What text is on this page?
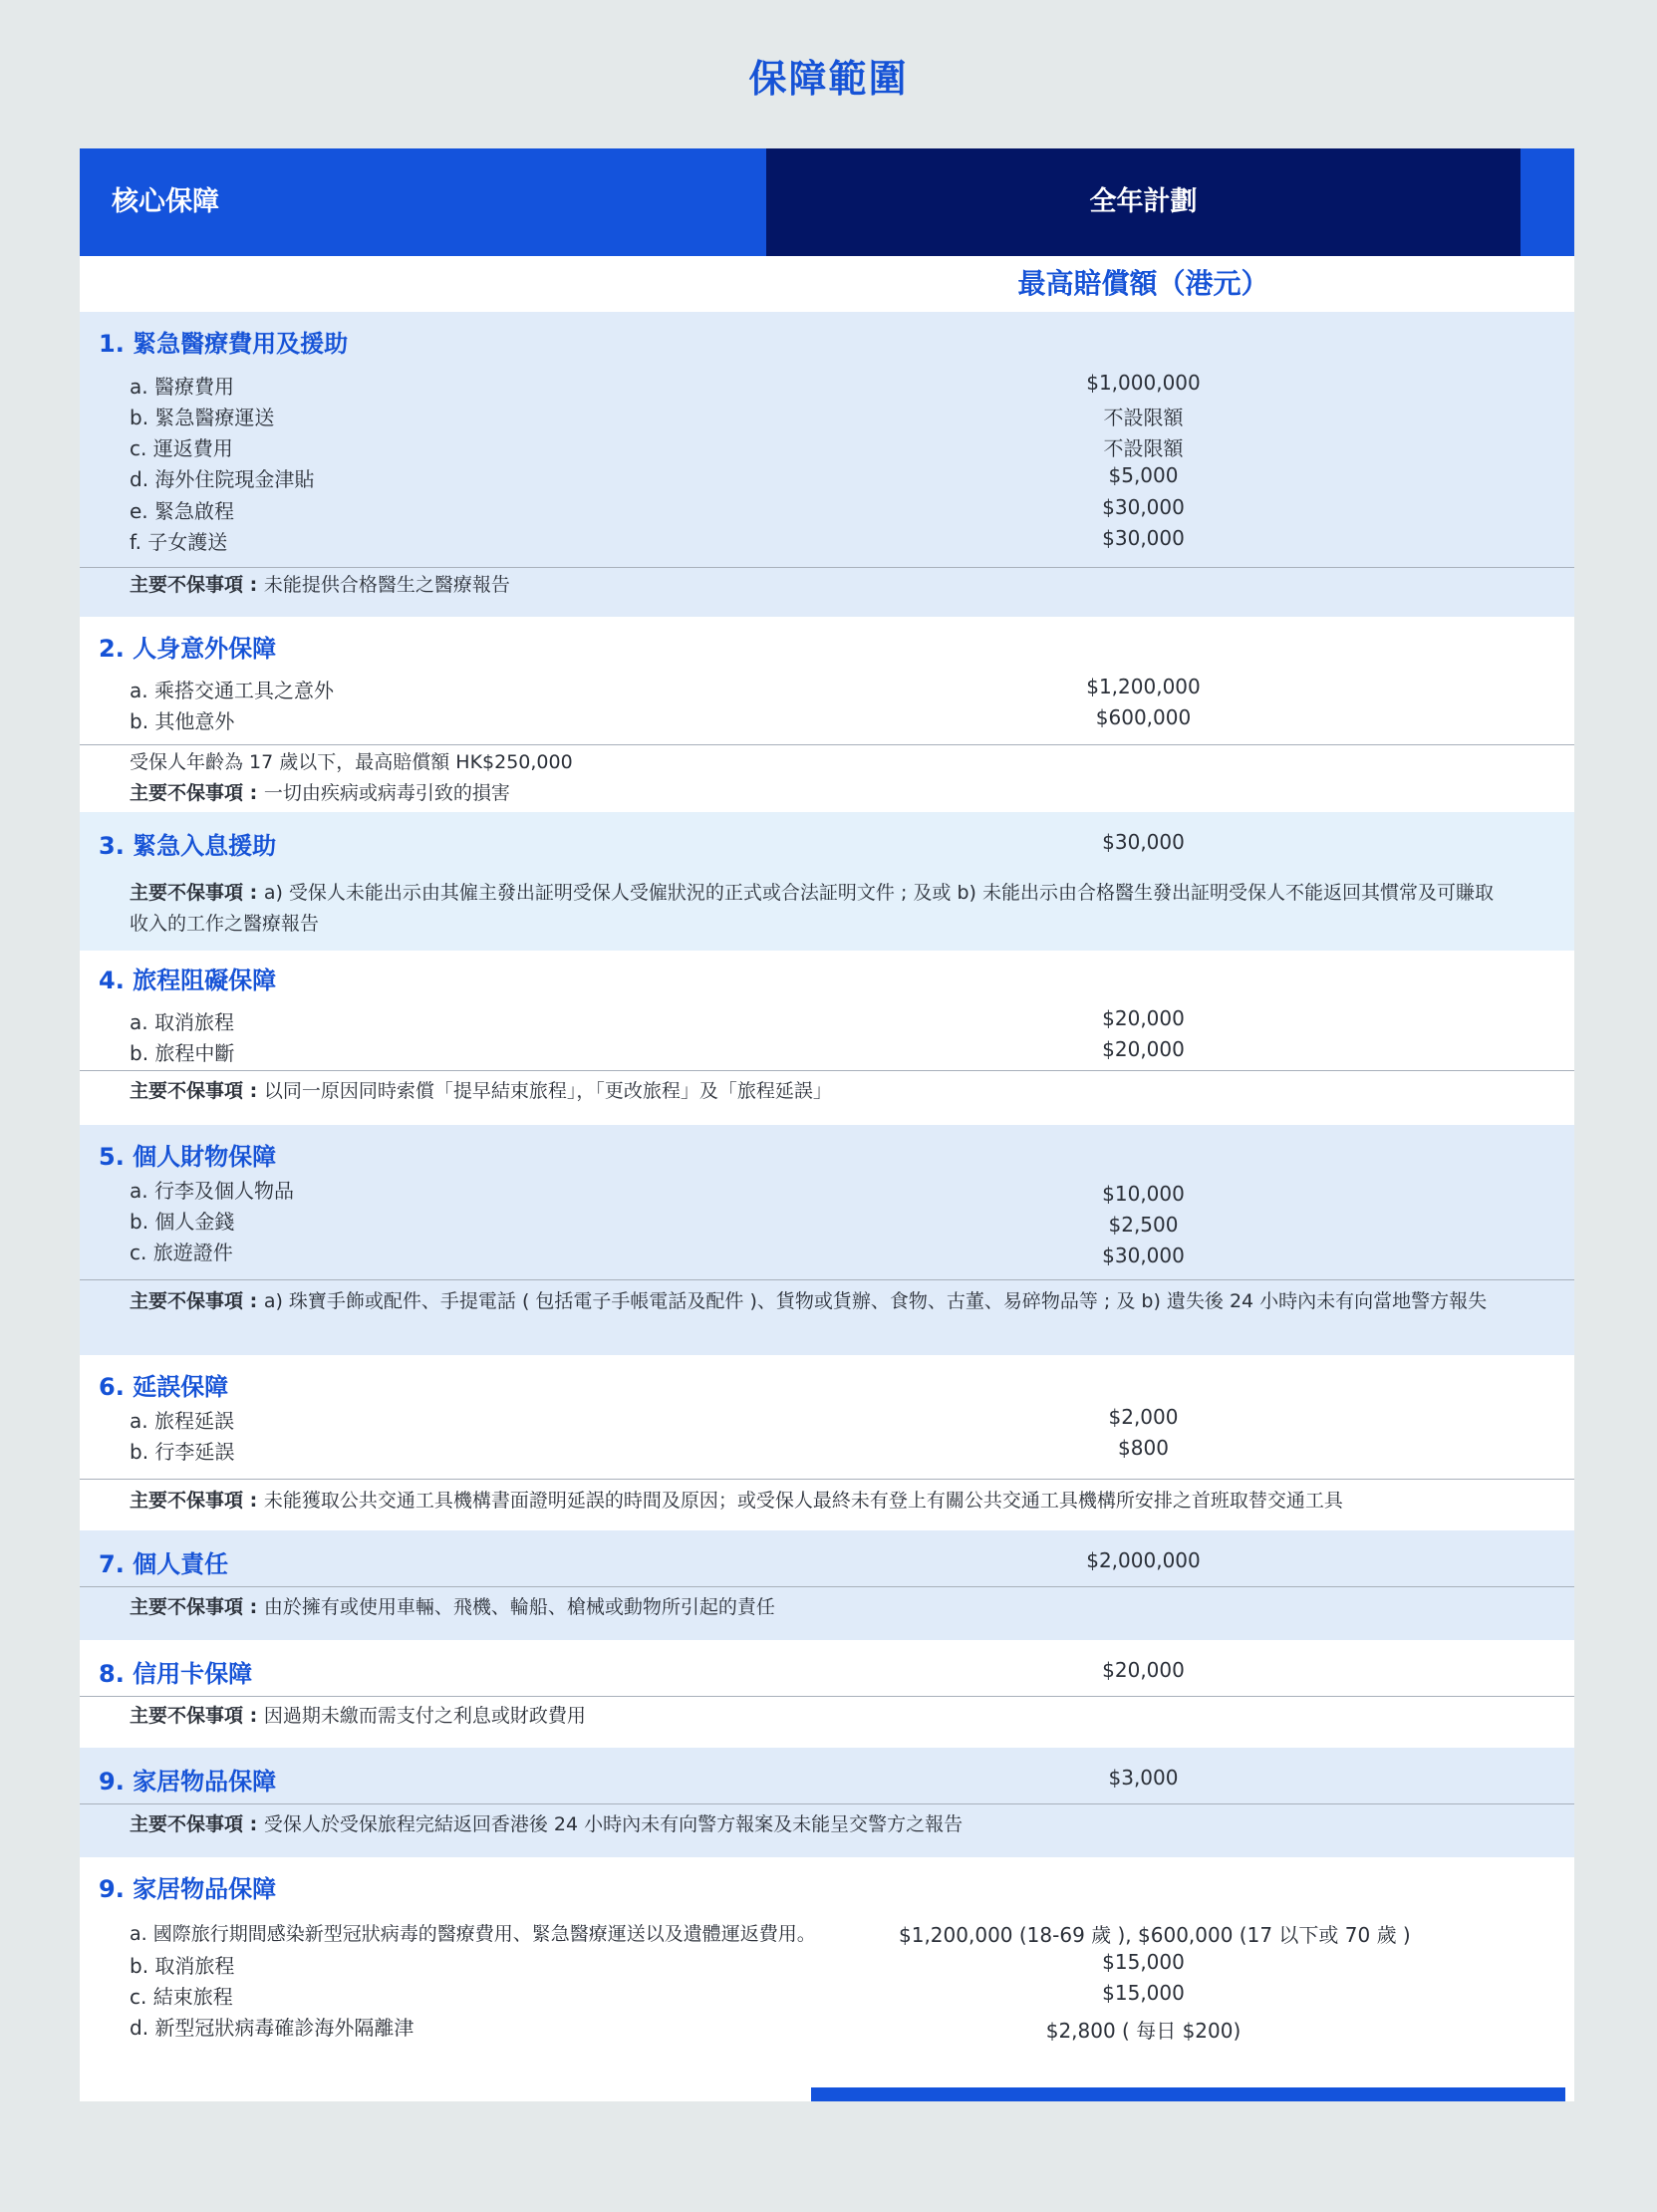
保障範圍
核心保障	全年計劃
最高賠償額（港元）
1. 緊急醫療費用及援助
a. 醫療費用	$1,000,000
b. 緊急醫療運送	不設限額
c. 運返費用	不設限額
d. 海外住院現金津貼	$5,000
e. 緊急啟程	$30,000
f. 子女護送	$30,000
主要不保事項 : 未能提供合格醫生之醫療報告
2. 人身意外保障
a. 乘搭交通工具之意外	$1,200,000
b. 其他意外	$600,000
受保人年齡為 17 歲以下，最高賠償額 HK$250,000
主要不保事項 : 一切由疾病或病毒引致的損害
3. 緊急入息援助	$30,000
主要不保事項 : a) 受保人未能出示由其僱主發出証明受保人受僱狀況的正式或合法証明文件 ; 及或 b) 未能出示由合格醫生發出証明受保人不能返回其慣常及可賺取收入的工作之醫療報告
4. 旅程阻礙保障
a. 取消旅程	$20,000
b. 旅程中斷	$20,000
主要不保事項 : 以同一原因同時索償「提早結束旅程」，「更改旅程」及「旅程延誤」
5. 個人財物保障
a. 行李及個人物品	$10,000
b. 個人金錢	$2,500
c. 旅遊證件	$30,000
主要不保事項 : a) 珠寶手飾或配件、手提電話 ( 包括電子手帳電話及配件 )、貨物或貨辦、食物、古董、易碎物品等 ; 及 b) 遺失後 24 小時內未有向當地警方報失
6. 延誤保障
a. 旅程延誤	$2,000
b. 行李延誤	$800
主要不保事項 : 未能獲取公共交通工具機構書面證明延誤的時間及原因；或受保人最終未有登上有關公共交通工具機構所安排之首班取替交通工具
7. 個人責任	$2,000,000
主要不保事項 : 由於擁有或使用車輛、飛機、輪船、槍械或動物所引起的責任
8. 信用卡保障	$20,000
主要不保事項 : 因過期未繳而需支付之利息或財政費用
9. 家居物品保障	$3,000
主要不保事項 : 受保人於受保旅程完結返回香港後 24 小時內未有向警方報案及未能呈交警方之報告
9. 家居物品保障
a. 國際旅行期間感染新型冠狀病毒的醫療費用、緊急醫療運送以及遺體運返費用。	$1,200,000 (18-69 歲 ), $600,000 (17 以下或 70 歲 )
b. 取消旅程	$15,000
c. 結束旅程	$15,000
d. 新型冠狀病毒確診海外隔離津	$2,800 ( 每日 $200)
